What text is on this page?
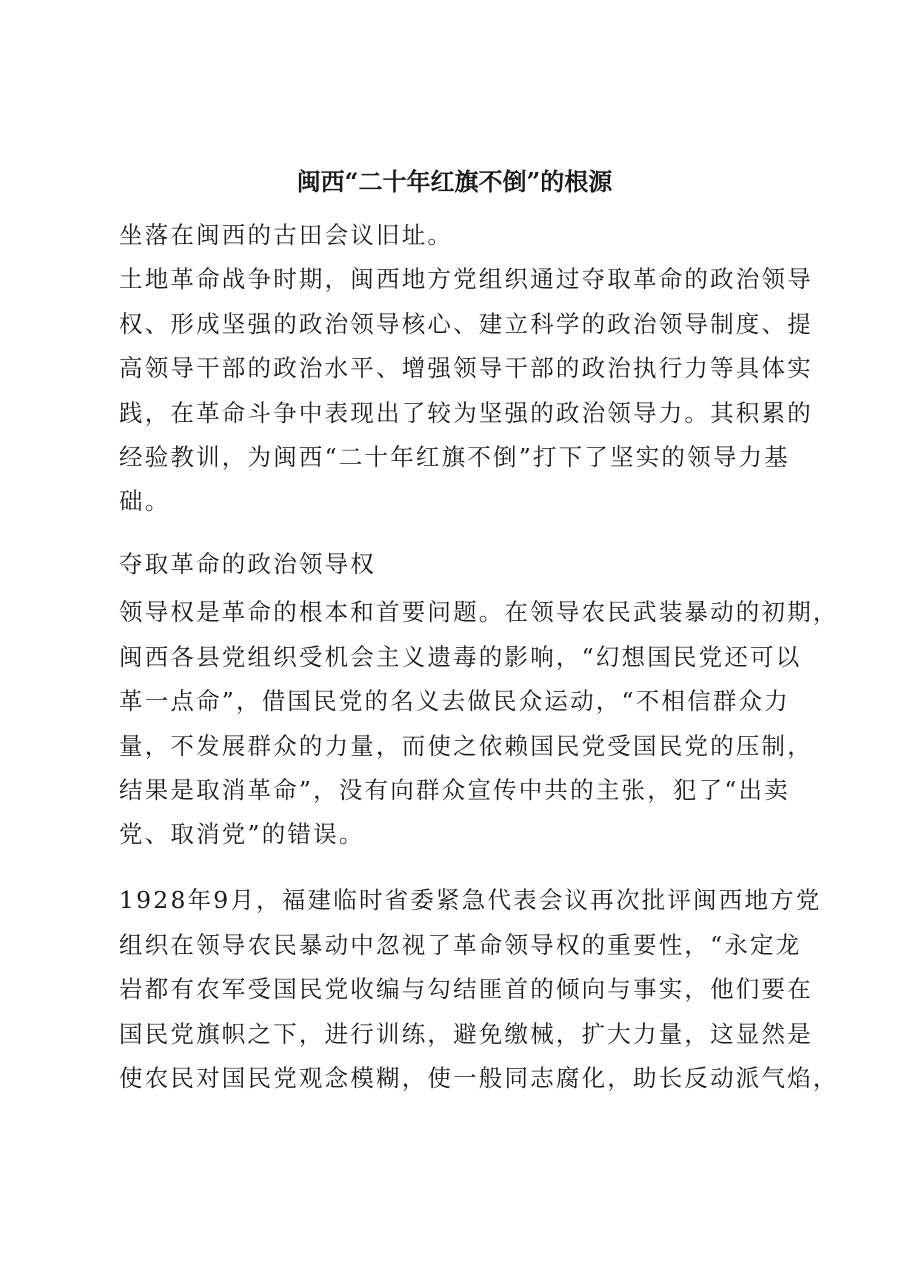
闽西“二十年红旗不倒”的根源
坐落在闽西的古田会议旧址。
土地革命战争时期，闽西地方党组织通过夺取革命的政治领导
权、形成坚强的政治领导核心、建立科学的政治领导制度、提
高领导干部的政治水平、增强领导干部的政治执行力等具体实
践，在革命斗争中表现出了较为坚强的政治领导力。其积累的
经验教训，为闽西“二十年红旗不倒”打下了坚实的领导力基
础。
夺取革命的政治领导权
领导权是革命的根本和首要问题。在领导农民武装暴动的初期，
闽西各县党组织受机会主义遗毒的影响，“幻想国民党还可以
革一点命”，借国民党的名义去做民众运动，“不相信群众力
量，不发展群众的力量，而使之依赖国民党受国民党的压制，
结果是取消革命”，没有向群众宣传中共的主张，犯了“出卖
党、取消党”的错误。
1928年9月，福建临时省委紧急代表会议再次批评闽西地方党
组织在领导农民暴动中忽视了革命领导权的重要性，“永定龙
岩都有农军受国民党收编与勾结匪首的倾向与事实，他们要在
国民党旗帜之下，进行训练，避免缴械，扩大力量，这显然是
使农民对国民党观念模糊，使一般同志腐化，助长反动派气焰，
